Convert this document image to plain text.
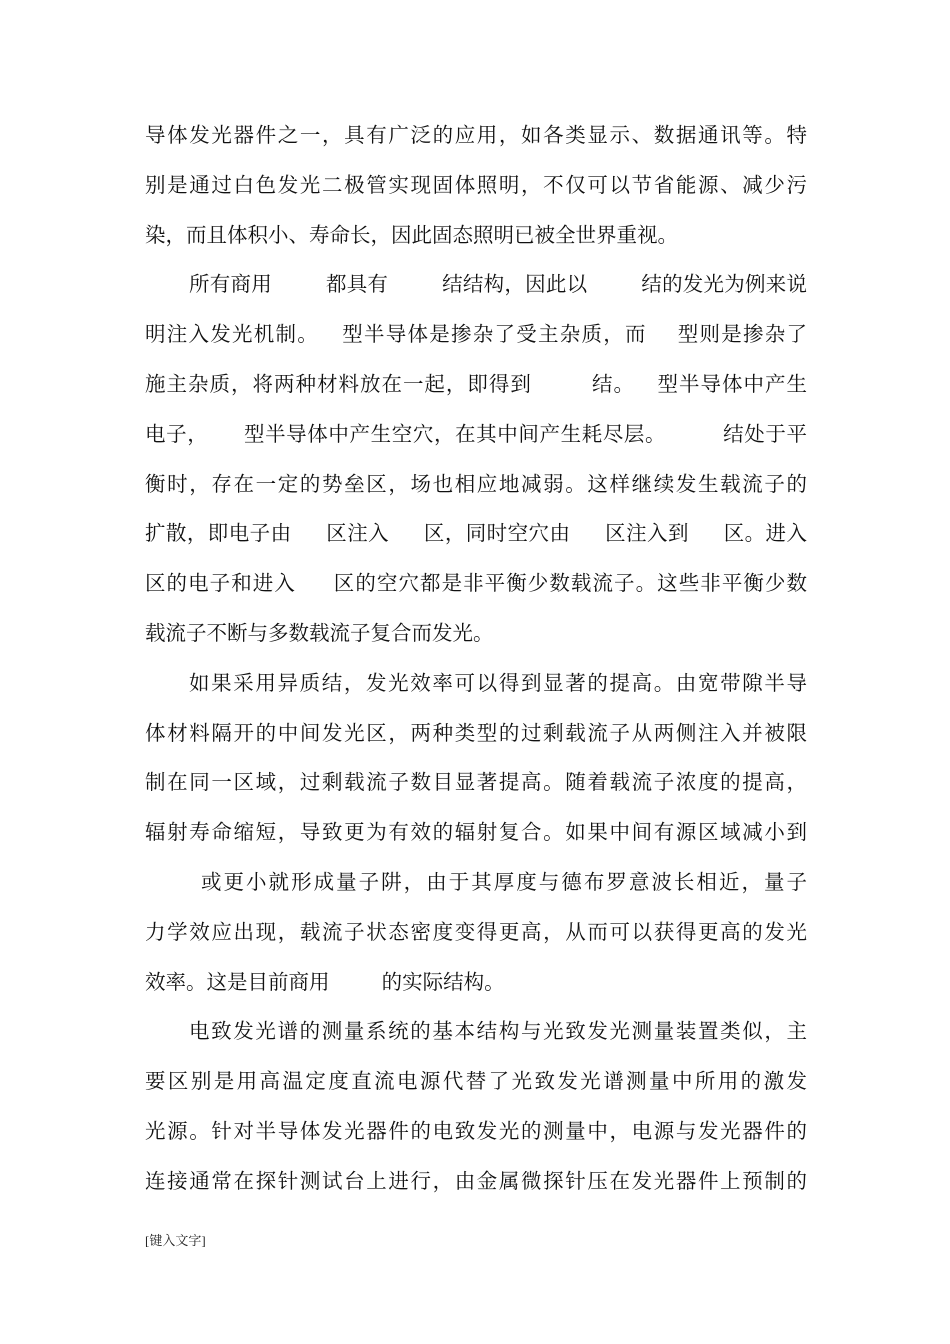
导体发光器件之一，具有广泛的应用，如各类显示、数据通讯等。特
别是通过白色发光二极管实现固体照明，不仅可以节省能源、减少污
染，而且体积小、寿命长，因此固态照明已被全世界重视。
所有商用        都具有        结结构，因此以        结的发光为例来说
明注入发光机制。   型半导体是掺杂了受主杂质，而    型则是掺杂了
施主杂质，将两种材料放在一起，即得到        结。   型半导体中产生
电子，     型半导体中产生空穴，在其中间产生耗尽层。        结处于平
衡时，存在一定的势垒区，场也相应地减弱。这样继续发生载流子的
扩散，即电子由     区注入     区，同时空穴由     区注入到     区。进入
区的电子和进入     区的空穴都是非平衡少数载流子。这些非平衡少数
载流子不断与多数载流子复合而发光。
如果采用异质结，发光效率可以得到显著的提高。由宽带隙半导
体材料隔开的中间发光区，两种类型的过剩载流子从两侧注入并被限
制在同一区域，过剩载流子数目显著提高。随着载流子浓度的提高，
辐射寿命缩短，导致更为有效的辐射复合。如果中间有源区域减小到
或更小就形成量子阱，由于其厚度与德布罗意波长相近，量子
力学效应出现，载流子状态密度变得更高，从而可以获得更高的发光
效率。这是目前商用        的实际结构。
电致发光谱的测量系统的基本结构与光致发光测量装置类似，主
要区别是用高温定度直流电源代替了光致发光谱测量中所用的激发
光源。针对半导体发光器件的电致发光的测量中，电源与发光器件的
连接通常在探针测试台上进行，由金属微探针压在发光器件上预制的
[键入文字]
